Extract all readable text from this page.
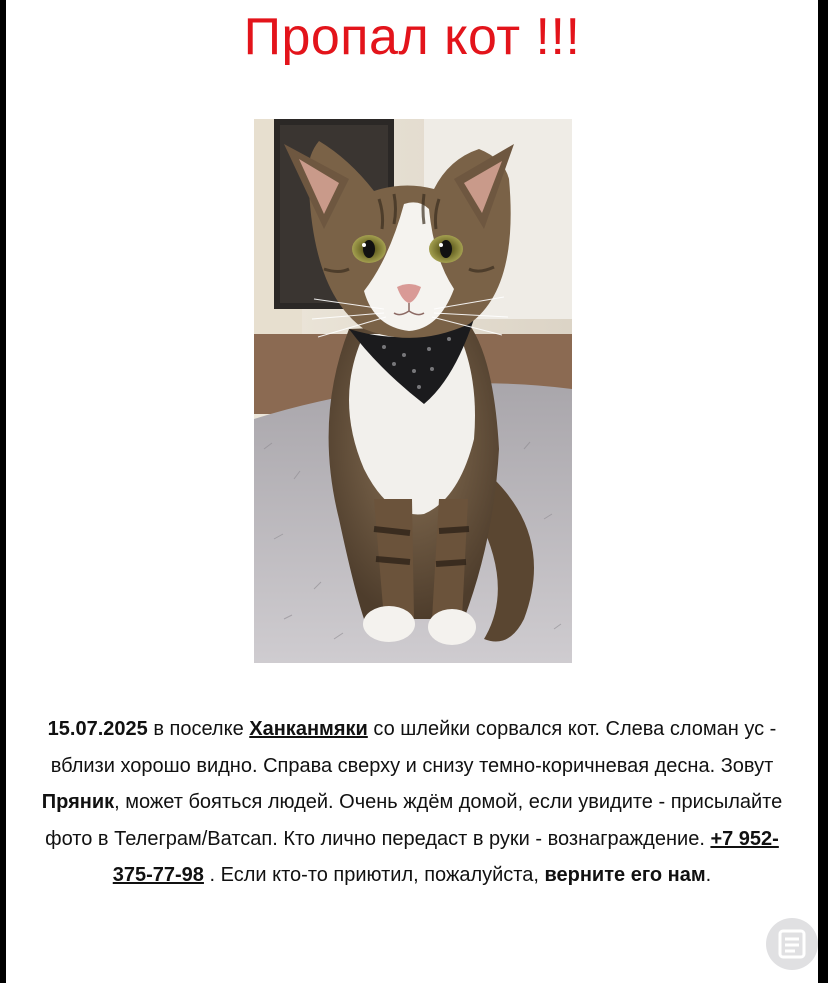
Пропал кот !!!

15.07.2025 в поселке Ханканмяки со шлейки сорвался кот. Слева сломан ус - вблизи хорошо видно. Справа сверху и снизу темно-коричневая десна. Зовут Пряник, может бояться людей. Очень ждём домой, если увидите - присылайте фото в Телеграм/Ватсап. Кто лично передаст в руки - вознаграждение. +7 952-375-77-98 . Если кто-то приютил, пожалуйста, верните его нам.
